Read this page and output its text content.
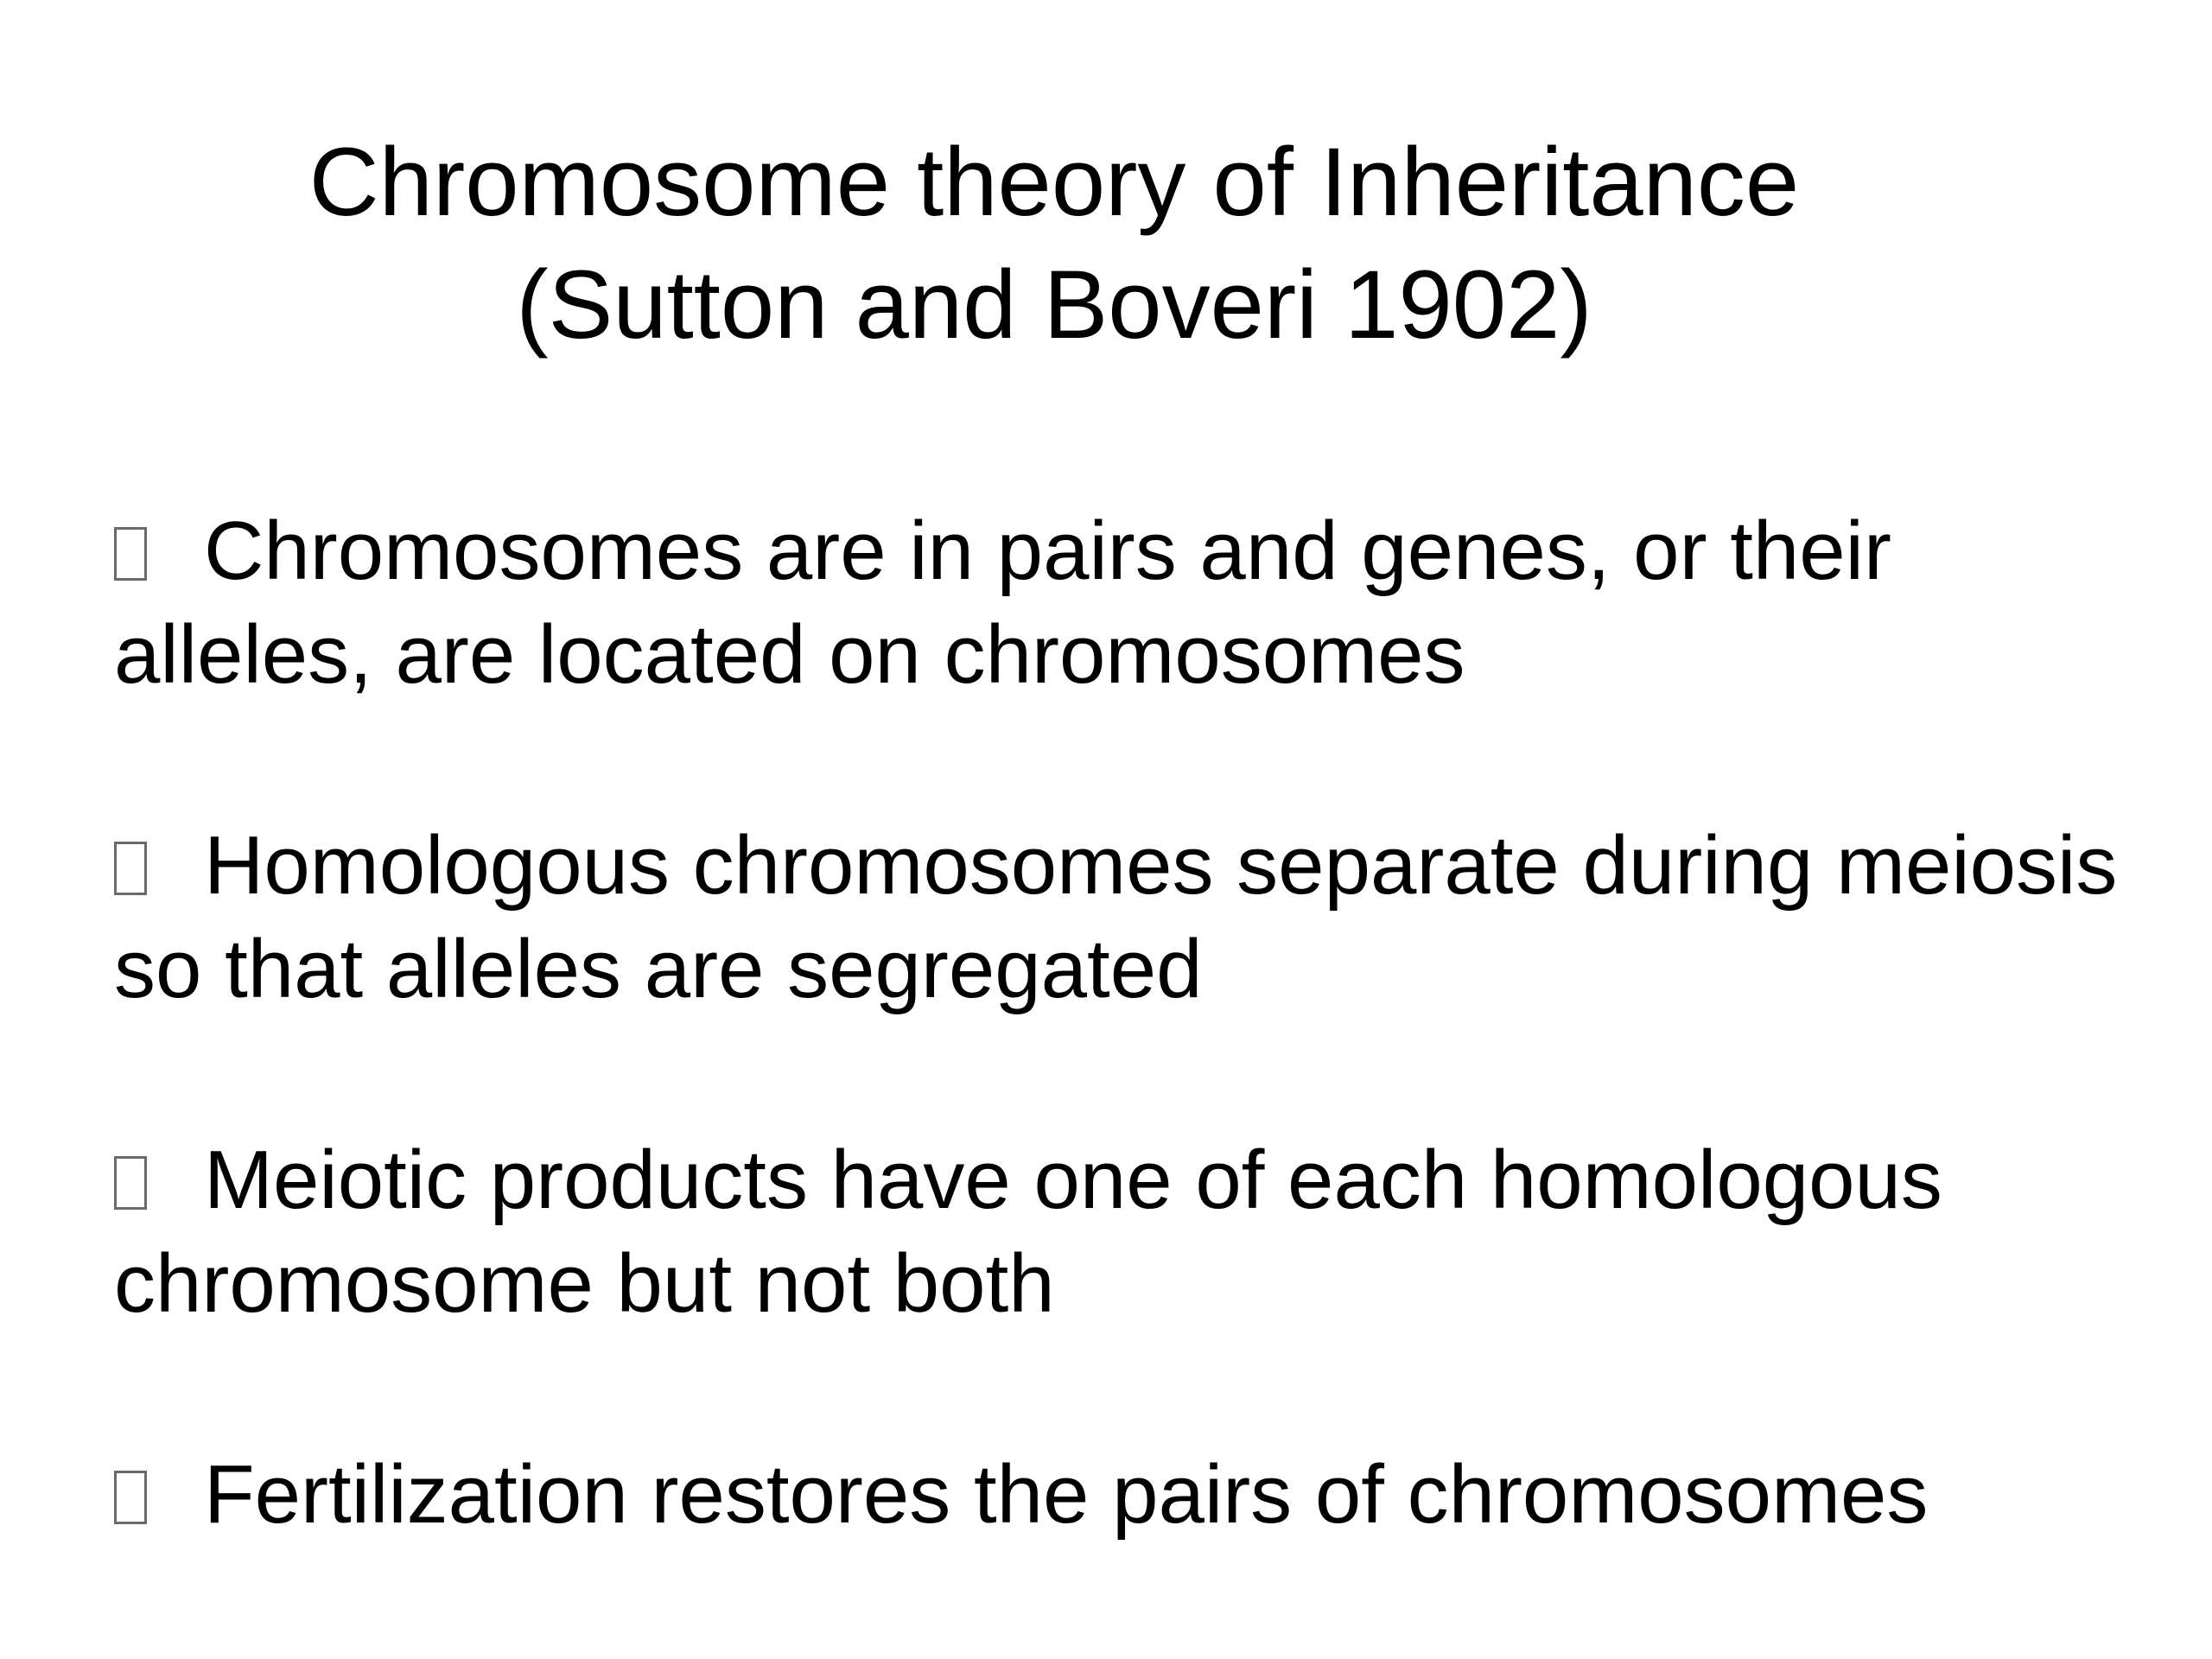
Chromosome theory of Inheritance
(Sutton and Boveri 1902)
Chromosomes are in pairs and genes, or their alleles, are located on chromosomes
Homologous chromosomes separate during meiosis so that alleles are segregated
Meiotic products have one of each homologous chromosome but not both
Fertilization restores the pairs of chromosomes
